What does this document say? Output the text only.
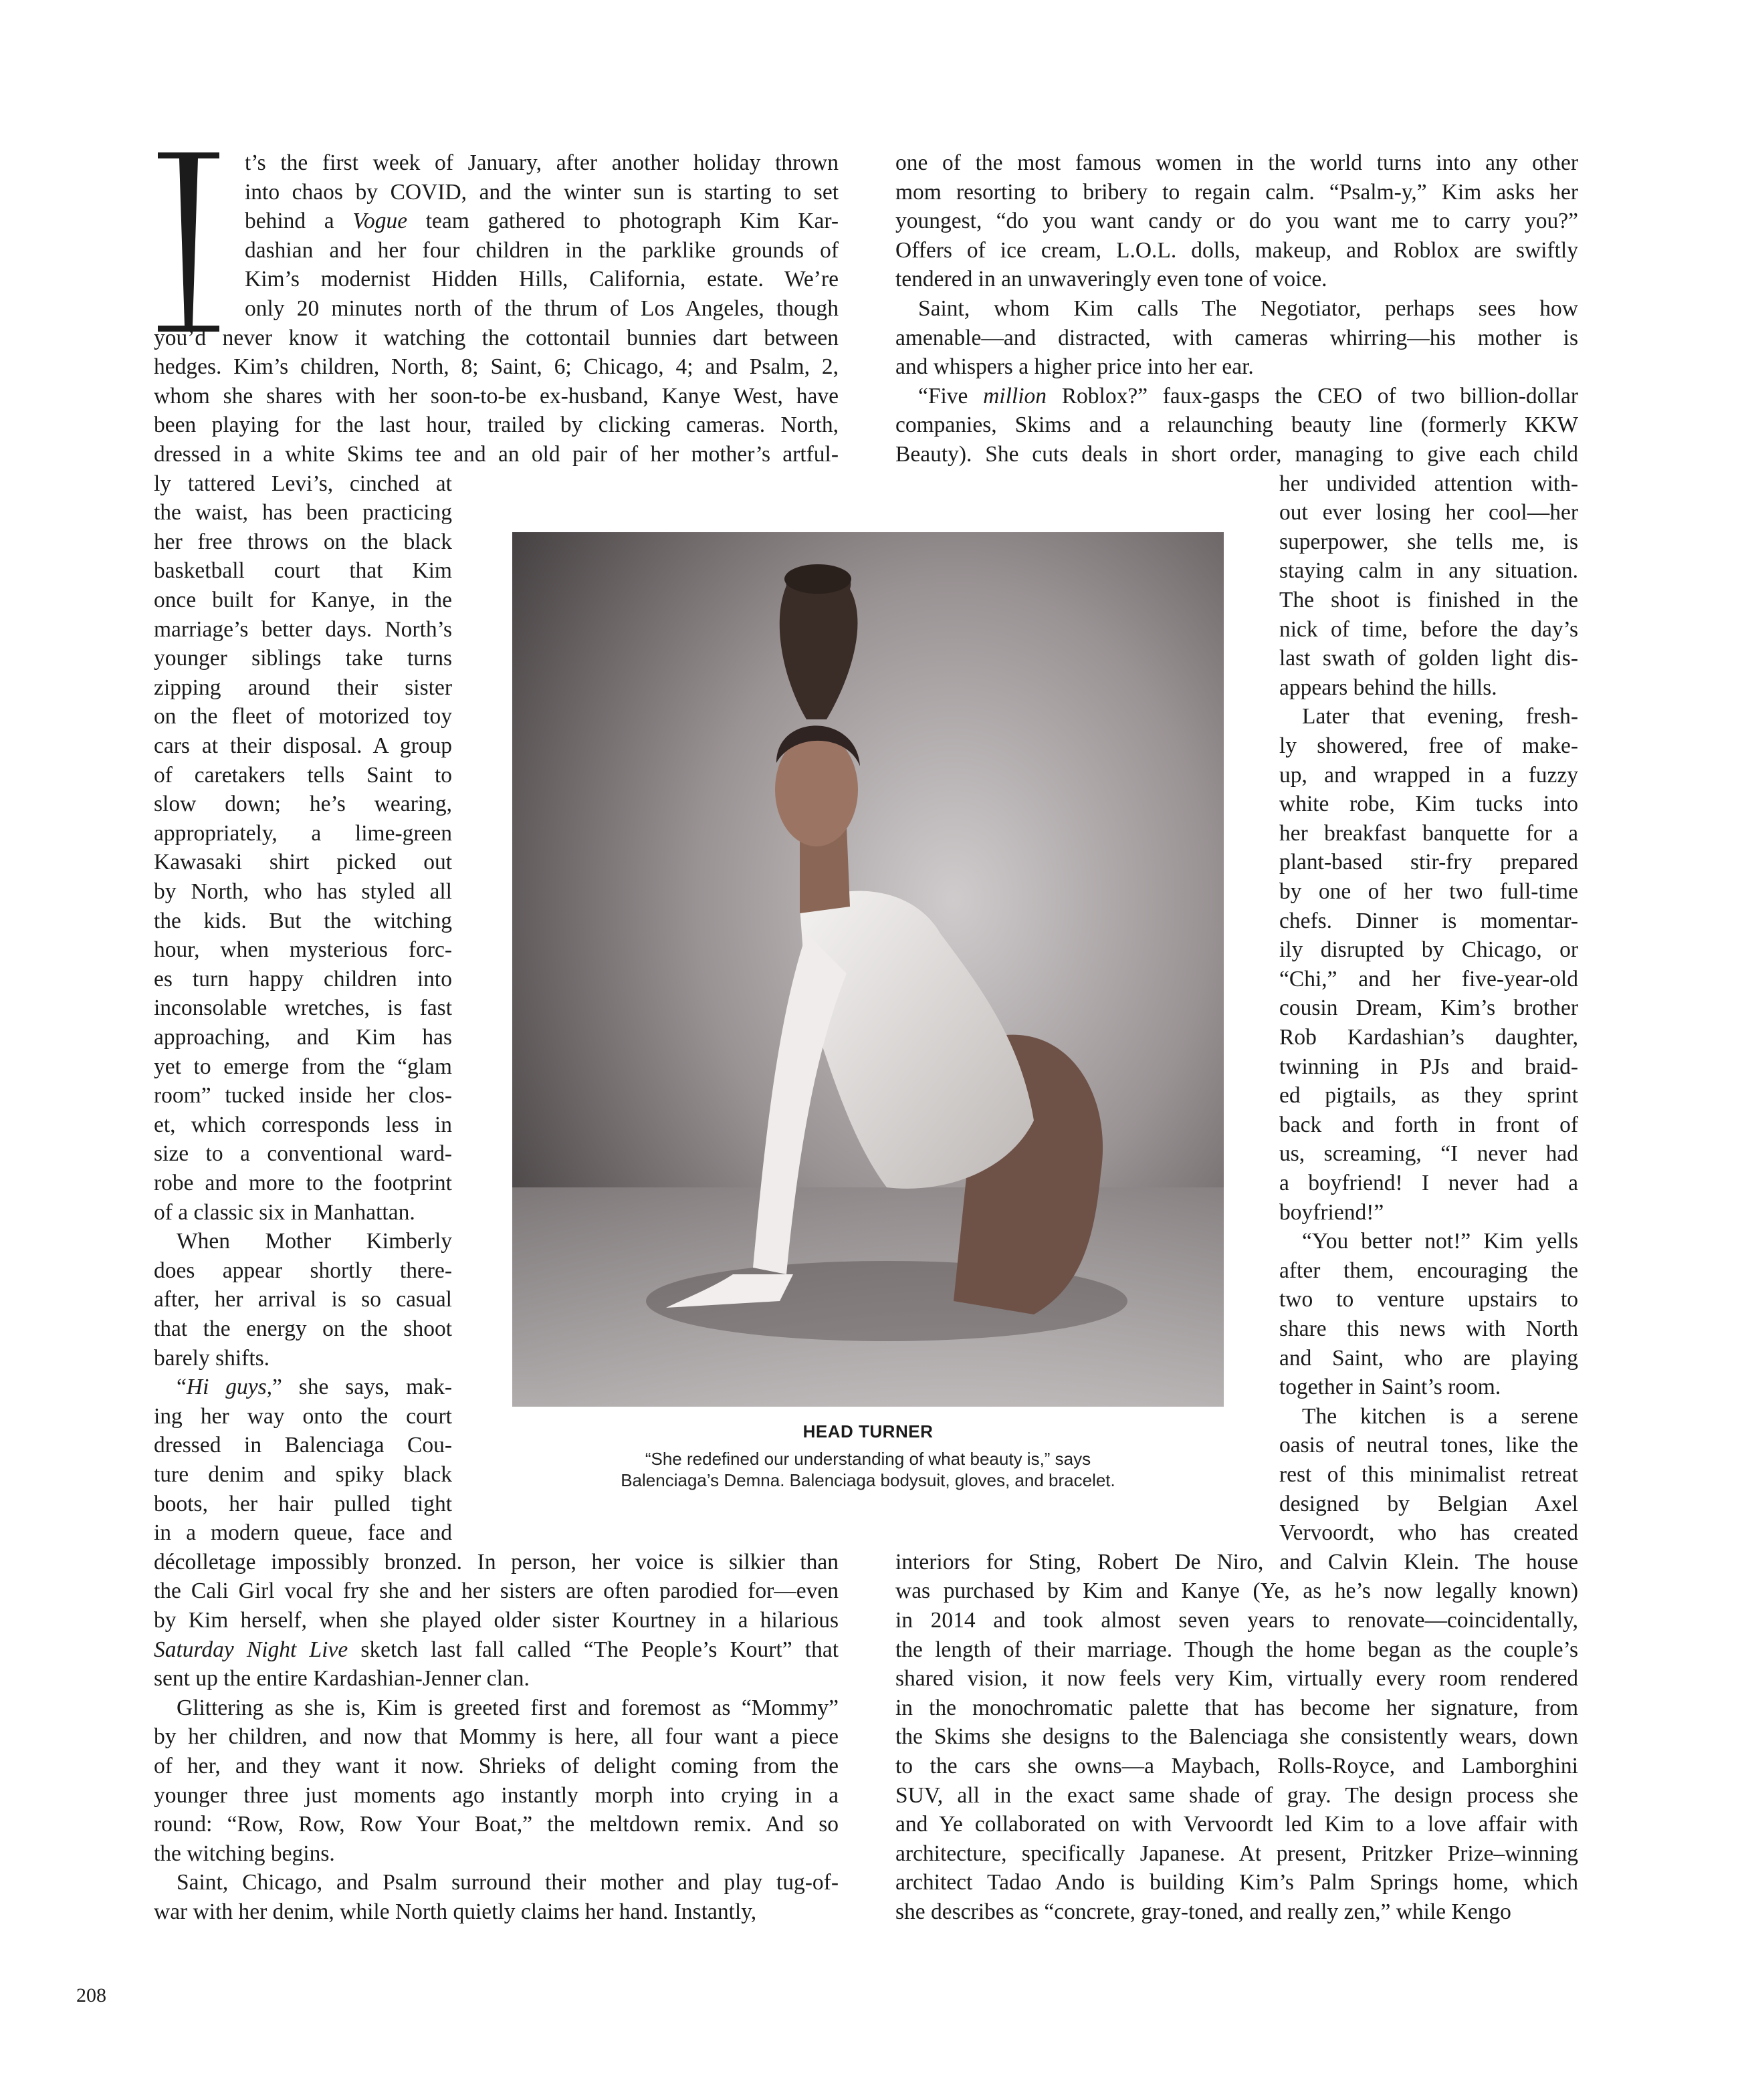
t’s the first week of January, after another holiday thrown
into chaos by COVID, and the winter sun is starting to set
behind a Vogue team gathered to photograph Kim Kar-
dashian and her four children in the parklike grounds of
Kim’s modernist Hidden Hills, California, estate. We’re
only 20 minutes north of the thrum of Los Angeles, though
you’d never know it watching the cottontail bunnies dart between
hedges. Kim’s children, North, 8; Saint, 6; Chicago, 4; and Psalm, 2,
whom she shares with her soon-to-be ex-husband, Kanye West, have
been playing for the last hour, trailed by clicking cameras. North,
dressed in a white Skims tee and an old pair of her mother’s artful-
ly tattered Levi’s, cinched at
the waist, has been practicing
her free throws on the black
basketball court that Kim
once built for Kanye, in the
marriage’s better days. North’s
younger siblings take turns
zipping around their sister
on the fleet of motorized toy
cars at their disposal. A group
of caretakers tells Saint to
slow down; he’s wearing,
appropriately, a lime-green
Kawasaki shirt picked out
by North, who has styled all
the kids. But the witching
hour, when mysterious forc-
es turn happy children into
inconsolable wretches, is fast
approaching, and Kim has
yet to emerge from the “glam
room” tucked inside her clos-
et, which corresponds less in
size to a conventional ward-
robe and more to the footprint
of a classic six in Manhattan.
When Mother Kimberly
does appear shortly there-
after, her arrival is so casual
that the energy on the shoot
barely shifts.
“Hi guys,” she says, mak-
ing her way onto the court
dressed in Balenciaga Cou-
ture denim and spiky black
boots, her hair pulled tight
in a modern queue, face and
décolletage impossibly bronzed. In person, her voice is silkier than
the Cali Girl vocal fry she and her sisters are often parodied for—even
by Kim herself, when she played older sister Kourtney in a hilarious
Saturday Night Live sketch last fall called “The People’s Kourt” that
sent up the entire Kardashian-Jenner clan.
Glittering as she is, Kim is greeted first and foremost as “Mommy”
by her children, and now that Mommy is here, all four want a piece
of her, and they want it now. Shrieks of delight coming from the
younger three just moments ago instantly morph into crying in a
round: “Row, Row, Row Your Boat,” the meltdown remix. And so
the witching begins.
Saint, Chicago, and Psalm surround their mother and play tug-of-
war with her denim, while North quietly claims her hand. Instantly,
one of the most famous women in the world turns into any other
mom resorting to bribery to regain calm. “Psalm-y,” Kim asks her
youngest, “do you want candy or do you want me to carry you?”
Offers of ice cream, L.O.L. dolls, makeup, and Roblox are swiftly
tendered in an unwaveringly even tone of voice.
Saint, whom Kim calls The Negotiator, perhaps sees how
amenable—and distracted, with cameras whirring—his mother is
and whispers a higher price into her ear.
“Five million Roblox?” faux-gasps the CEO of two billion-dollar
companies, Skims and a relaunching beauty line (formerly KKW
Beauty). She cuts deals in short order, managing to give each child
her undivided attention with-
out ever losing her cool—her
superpower, she tells me, is
staying calm in any situation.
The shoot is finished in the
nick of time, before the day’s
last swath of golden light dis-
appears behind the hills.
Later that evening, fresh-
ly showered, free of make-
up, and wrapped in a fuzzy
white robe, Kim tucks into
her breakfast banquette for a
plant-based stir-fry prepared
by one of her two full-time
chefs. Dinner is momentar-
ily disrupted by Chicago, or
“Chi,” and her five-year-old
cousin Dream, Kim’s brother
Rob Kardashian’s daughter,
twinning in PJs and braid-
ed pigtails, as they sprint
back and forth in front of
us, screaming, “I never had
a boyfriend! I never had a
boyfriend!”
“You better not!” Kim yells
after them, encouraging the
two to venture upstairs to
share this news with North
and Saint, who are playing
together in Saint’s room.
The kitchen is a serene
oasis of neutral tones, like the
rest of this minimalist retreat
designed by Belgian Axel
Vervoordt, who has created
interiors for Sting, Robert De Niro, and Calvin Klein. The house
was purchased by Kim and Kanye (Ye, as he’s now legally known)
in 2014 and took almost seven years to renovate—coincidentally,
the length of their marriage. Though the home began as the couple’s
shared vision, it now feels very Kim, virtually every room rendered
in the monochromatic palette that has become her signature, from
the Skims she designs to the Balenciaga she consistently wears, down
to the cars she owns—a Maybach, Rolls-Royce, and Lamborghini
SUV, all in the exact same shade of gray. The design process she
and Ye collaborated on with Vervoordt led Kim to a love affair with
architecture, specifically Japanese. At present, Pritzker Prize–winning
architect Tadao Ando is building Kim’s Palm Springs home, which
she describes as “concrete, gray-toned, and really zen,” while Kengo
HEAD TURNER
“She redefined our understanding of what beauty is,” says
Balenciaga’s Demna. Balenciaga bodysuit, gloves, and bracelet.
208
